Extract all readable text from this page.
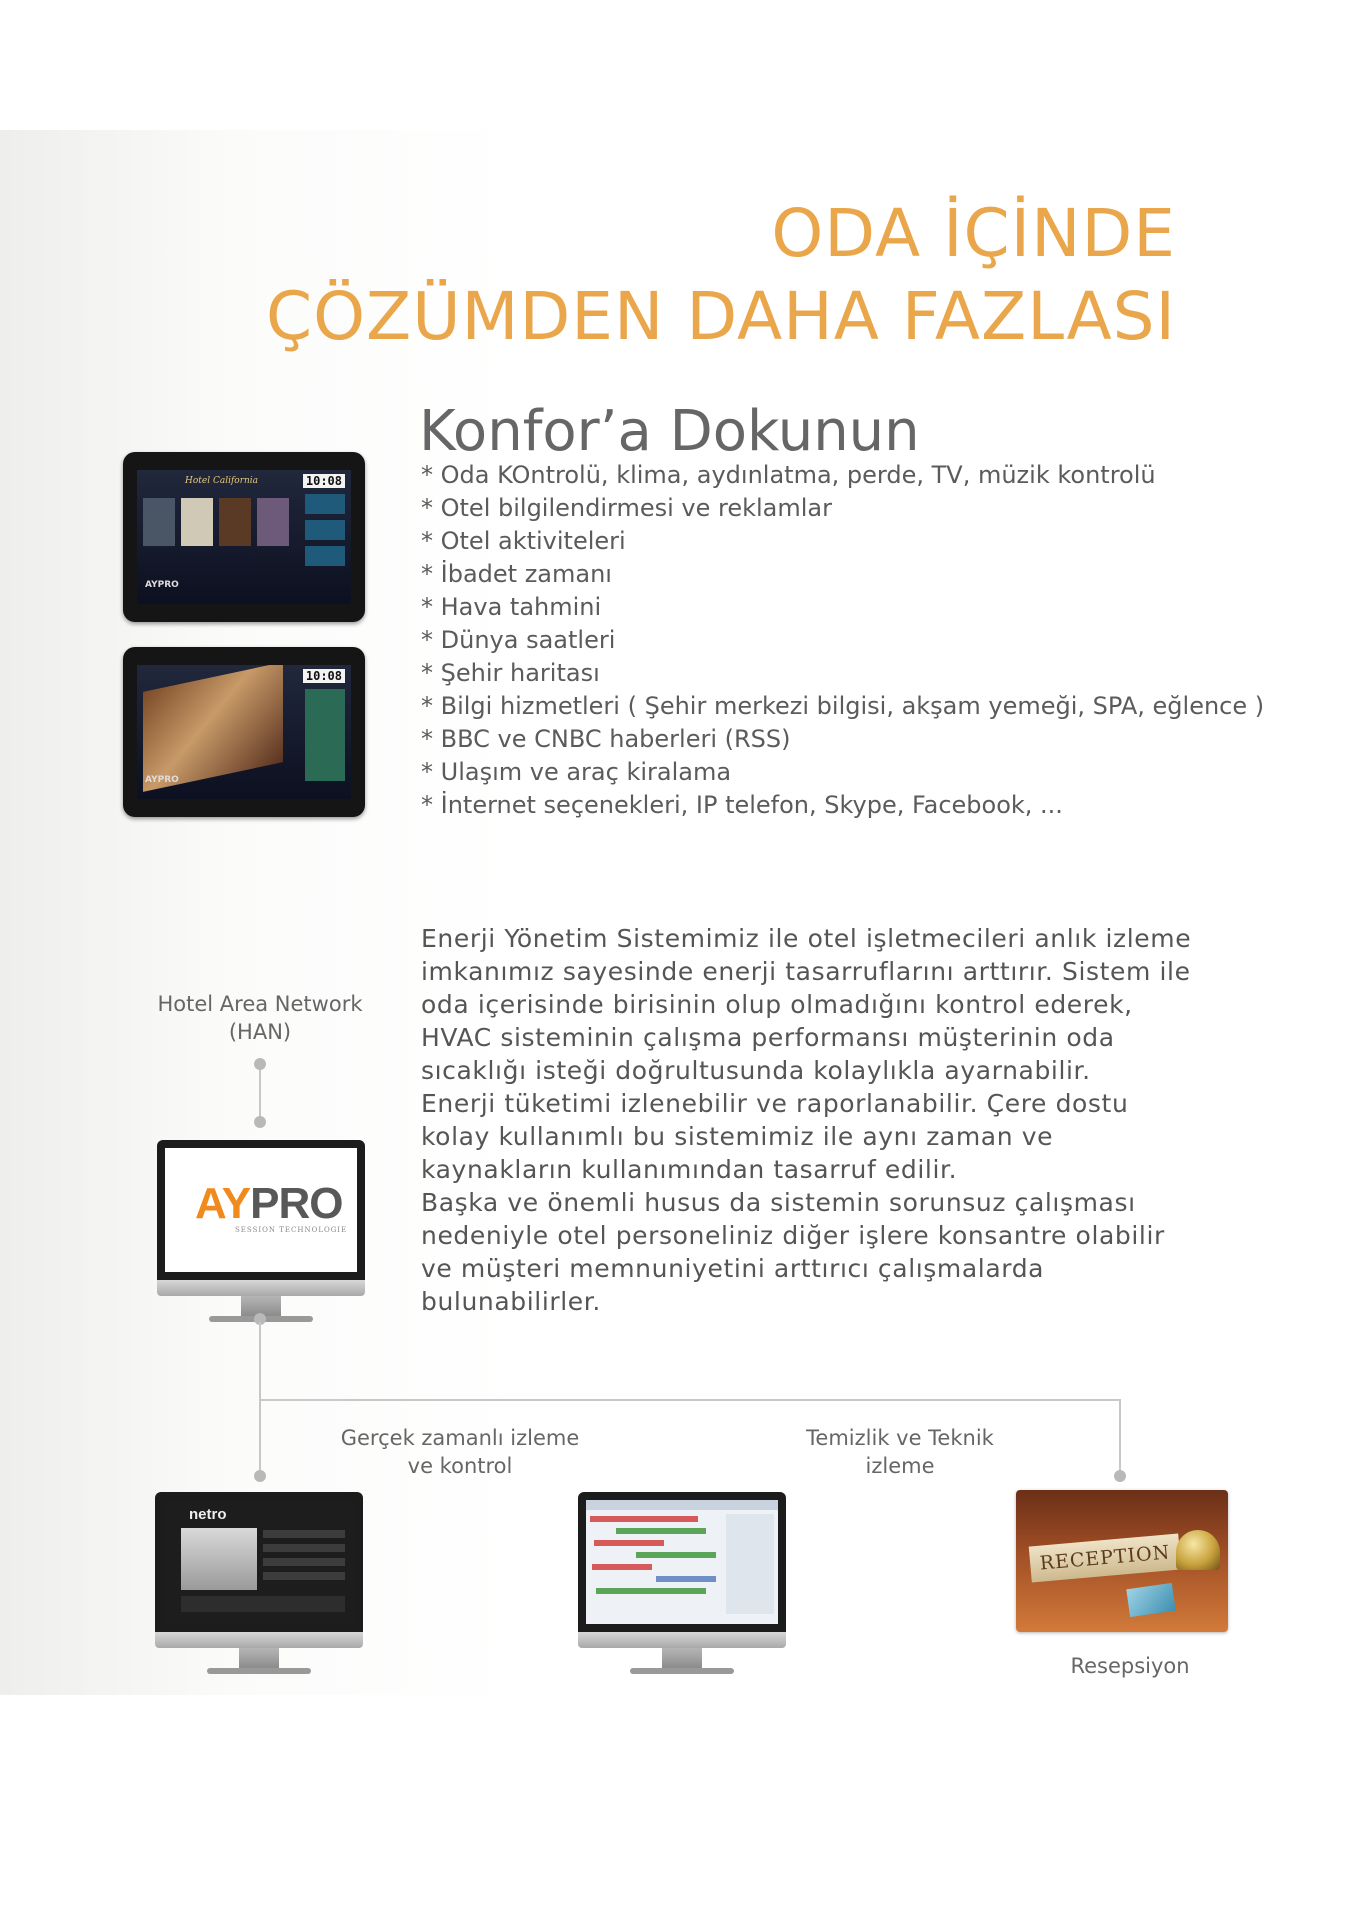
ODA İÇİNDE
ÇÖZÜMDEN DAHA FAZLASI
Konfor’a Dokunun
Hotel California	10:08
AYPRO
10:08
AYPRO
* Oda KOntrolü, klima, aydınlatma, perde, TV, müzik kontrolü
* Otel bilgilendirmesi ve reklamlar
* Otel aktiviteleri
* İbadet zamanı
* Hava tahmini
* Dünya saatleri
* Şehir haritası
* Bilgi hizmetleri ( Şehir merkezi bilgisi, akşam yemeği, SPA, eğlence )
* BBC ve CNBC haberleri (RSS)
* Ulaşım ve araç kiralama
* İnternet seçenekleri, IP telefon, Skype, Facebook, ...

Enerji Yönetim Sistemimiz ile otel işletmecileri anlık izleme imkanımız sayesinde enerji tasarruflarını arttırır. Sistem ile oda içerisinde birisinin olup olmadığını kontrol ederek, HVAC sisteminin çalışma performansı müşterinin oda sıcaklığı isteği doğrultusunda kolaylıkla ayarnabilir.

Enerji tüketimi izlenebilir ve raporlanabilir. Çere dostu kolay kullanımlı bu sistemimiz ile aynı zaman ve kaynakların kullanımından tasarruf edilir.

Başka ve önemli husus da sistemin sorunsuz çalışması nedeniyle otel personeliniz diğer işlere konsantre olabilir ve müşteri memnuniyetini arttırıcı çalışmalarda bulunabilirler.

Hotel Area Network
(HAN)
AYPRO
SESSION TECHNOLOGIE
Gerçek zamanlı izleme
ve kontrol
Temizlik ve Teknik
izleme
netro
RECEPTION
Resepsiyon
